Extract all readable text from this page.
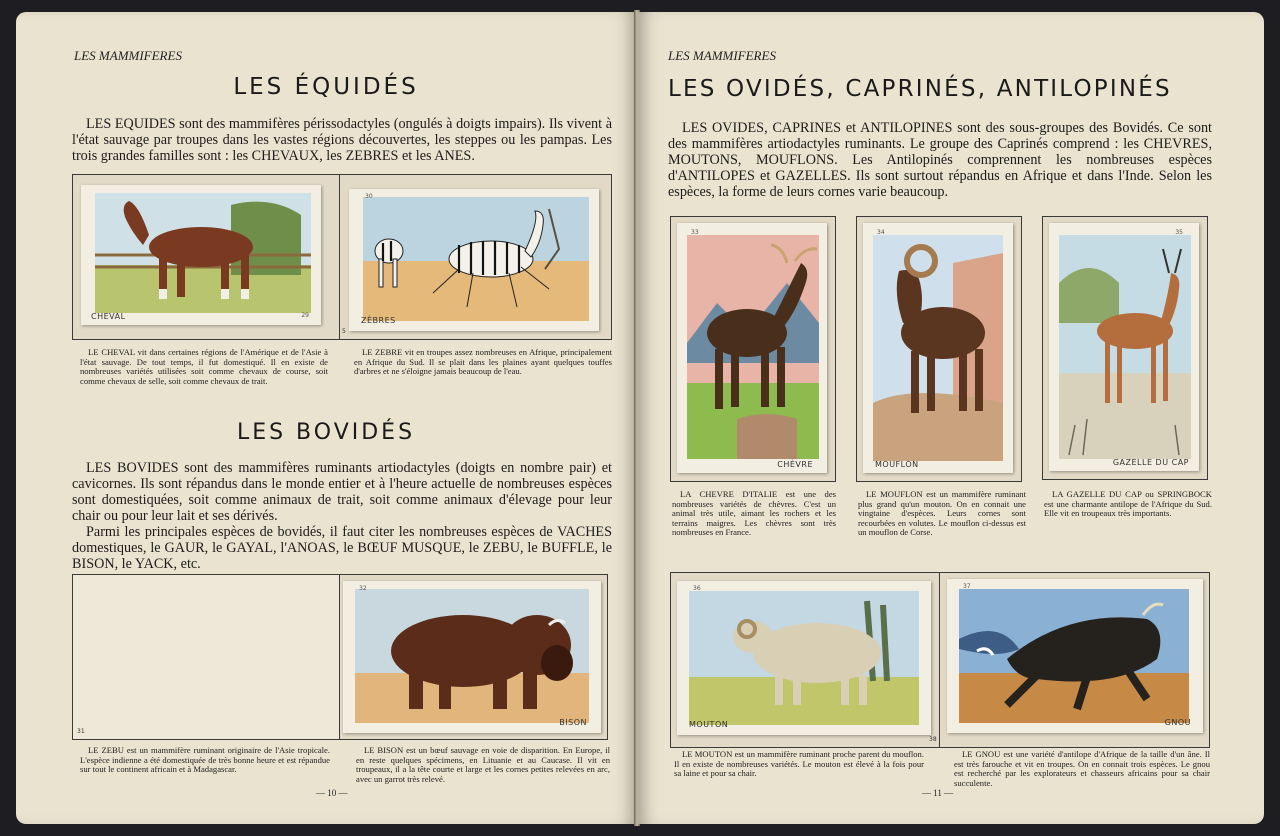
LES MAMMIFERES
LES ÉQUIDÉS

LES EQUIDES sont des mammifères périssodactyles (ongulés à doigts impairs). Ils vivent à l'état sauvage par troupes dans les vastes régions découvertes, les steppes ou les pampas. Les trois grandes familles sont : les CHEVAUX, les ZEBRES et les ANES.

CHEVAL	29
ZÈBRES
30
5

LE CHEVAL vit dans certaines régions de l'Amérique et de l'Asie à l'état sauvage. De tout temps, il fut domestiqué. Il en existe de nombreuses variétés utilisées soit comme chevaux de course, soit comme chevaux de selle, soit comme chevaux de trait.

LE ZEBRE vit en troupes assez nombreuses en Afrique, principalement en Afrique du Sud. Il se plait dans les plaines ayant quelques touffes d'arbres et ne s'éloigne jamais beaucoup de l'eau.

LES BOVIDÉS

LES BOVIDES sont des mammifères ruminants artiodactyles (doigts en nombre pair) et cavicornes. Ils sont répandus dans le monde entier et à l'heure actuelle de nombreuses espèces sont domestiquées, soit comme animaux de trait, soit comme animaux d'élevage pour leur chair ou pour leur lait et ses dérivés.

Parmi les principales espèces de bovidés, il faut citer les nombreuses espèces de VACHES domestiques, le GAUR, le GAYAL, l'ANOAS, le BŒUF MUSQUE, le ZEBU, le BUFFLE, le BISON, le YACK, etc.

31
BISON
32

LE ZEBU est un mammifère ruminant originaire de l'Asie tropicale. L'espèce indienne a été domestiquée de très bonne heure et est répandue sur tout le continent africain et à Madagascar.

LE BISON est un bœuf sauvage en voie de disparition. En Europe, il en reste quelques spécimens, en Lituanie et au Caucase. Il vit en troupeaux, il a la tête courte et large et les cornes petites relevées en arc, avec un garrot très relevé.

— 10 —
LES MAMMIFERES
LES OVIDÉS, CAPRINÉS, ANTILOPINÉS

LES OVIDES, CAPRINES et ANTILOPINES sont des sous-groupes des Bovidés. Ce sont des mammifères artiodactyles ruminants. Le groupe des Caprinés comprend : les CHEVRES, MOUTONS, MOUFLONS. Les Antilopinés comprennent les nombreuses espèces d'ANTILOPES et GAZELLES. Ils sont surtout répandus en Afrique et dans l'Inde. Selon les espèces, la forme de leurs cornes varie beaucoup.

CHÈVRE
33
MOUFLON
34
GAZELLE DU CAP
35

LA CHEVRE D'ITALIE est une des nombreuses variétés de chèvres. C'est un animal très utile, aimant les rochers et les terrains maigres. Les chèvres sont très nombreuses en France.

LE MOUFLON est un mammifère ruminant plus grand qu'un mouton. On en connait une vingtaine d'espèces. Leurs cornes sont recourbées en volutes. Le mouflon ci-dessus est un mouflon de Corse.

LA GAZELLE DU CAP ou SPRINGBOCK est une charmante antilope de l'Afrique du Sud. Elle vit en troupeaux très importants.

MOUTON
36
38
GNOU
37

LE MOUTON est un mammifère ruminant proche parent du mouflon. Il en existe de nombreuses variétés. Le mouton est élevé à la fois pour sa laine et pour sa chair.

LE GNOU est une variété d'antilope d'Afrique de la taille d'un âne. Il est très farouche et vit en troupes. On en connait trois espèces. Le gnou est recherché par les explorateurs et chasseurs africains pour sa chair succulente.

— 11 —
